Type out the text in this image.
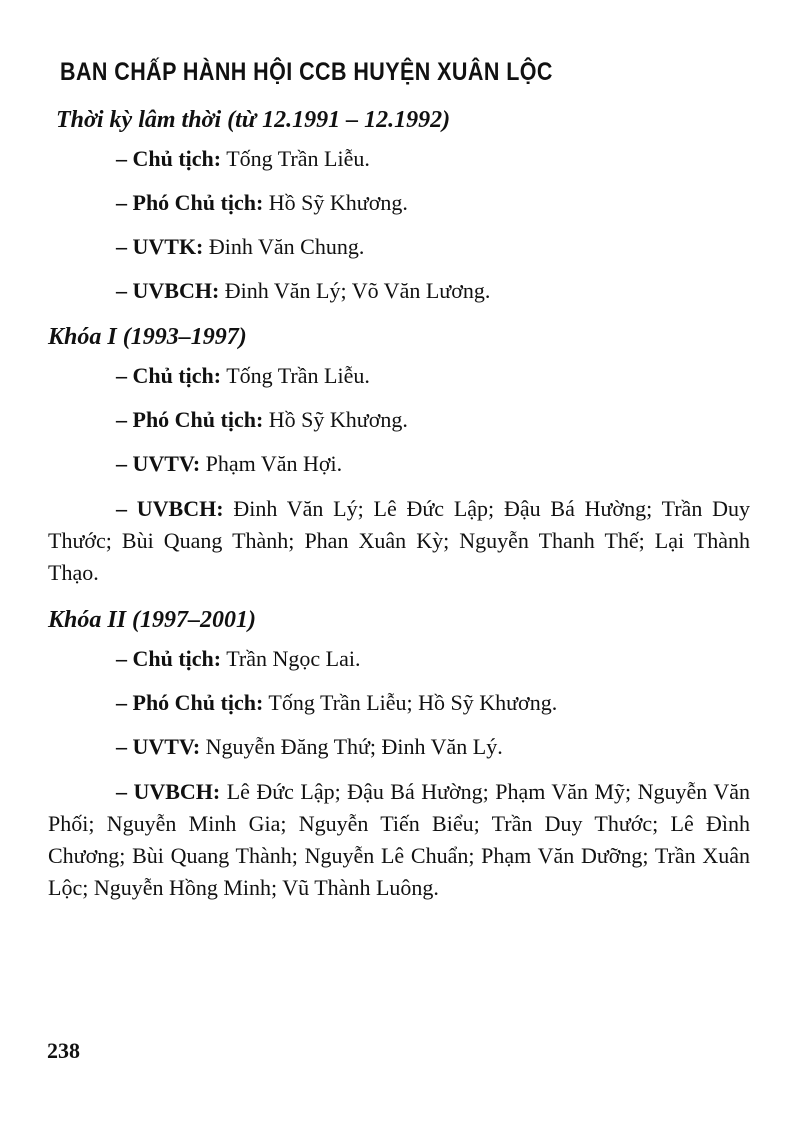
BAN CHẤP HÀNH HỘI CCB HUYỆN XUÂN LỘC
Thời kỳ lâm thời (từ 12.1991 – 12.1992)

– Chủ tịch: Tống Trần Liễu.

– Phó Chủ tịch: Hồ Sỹ Khương.

– UVTK: Đinh Văn Chung.

– UVBCH: Đinh Văn Lý; Võ Văn Lương.

Khóa I (1993–1997)

– Chủ tịch: Tống Trần Liễu.

– Phó Chủ tịch: Hồ Sỹ Khương.

– UVTV: Phạm Văn Hợi.

– UVBCH: Đinh Văn Lý; Lê Đức Lập; Đậu Bá Hường; Trần Duy Thước; Bùi Quang Thành; Phan Xuân Kỳ; Nguyễn Thanh Thế; Lại Thành Thạo.

Khóa II (1997–2001)

– Chủ tịch: Trần Ngọc Lai.

– Phó Chủ tịch: Tống Trần Liễu; Hồ Sỹ Khương.

– UVTV: Nguyễn Đăng Thứ; Đinh Văn Lý.

– UVBCH: Lê Đức Lập; Đậu Bá Hường; Phạm Văn Mỹ; Nguyễn Văn Phối; Nguyễn Minh Gia; Nguyễn Tiến Biểu; Trần Duy Thước; Lê Đình Chương; Bùi Quang Thành; Nguyễn Lê Chuẩn; Phạm Văn Dưỡng; Trần Xuân Lộc; Nguyễn Hồng Minh; Vũ Thành Luông.

238
